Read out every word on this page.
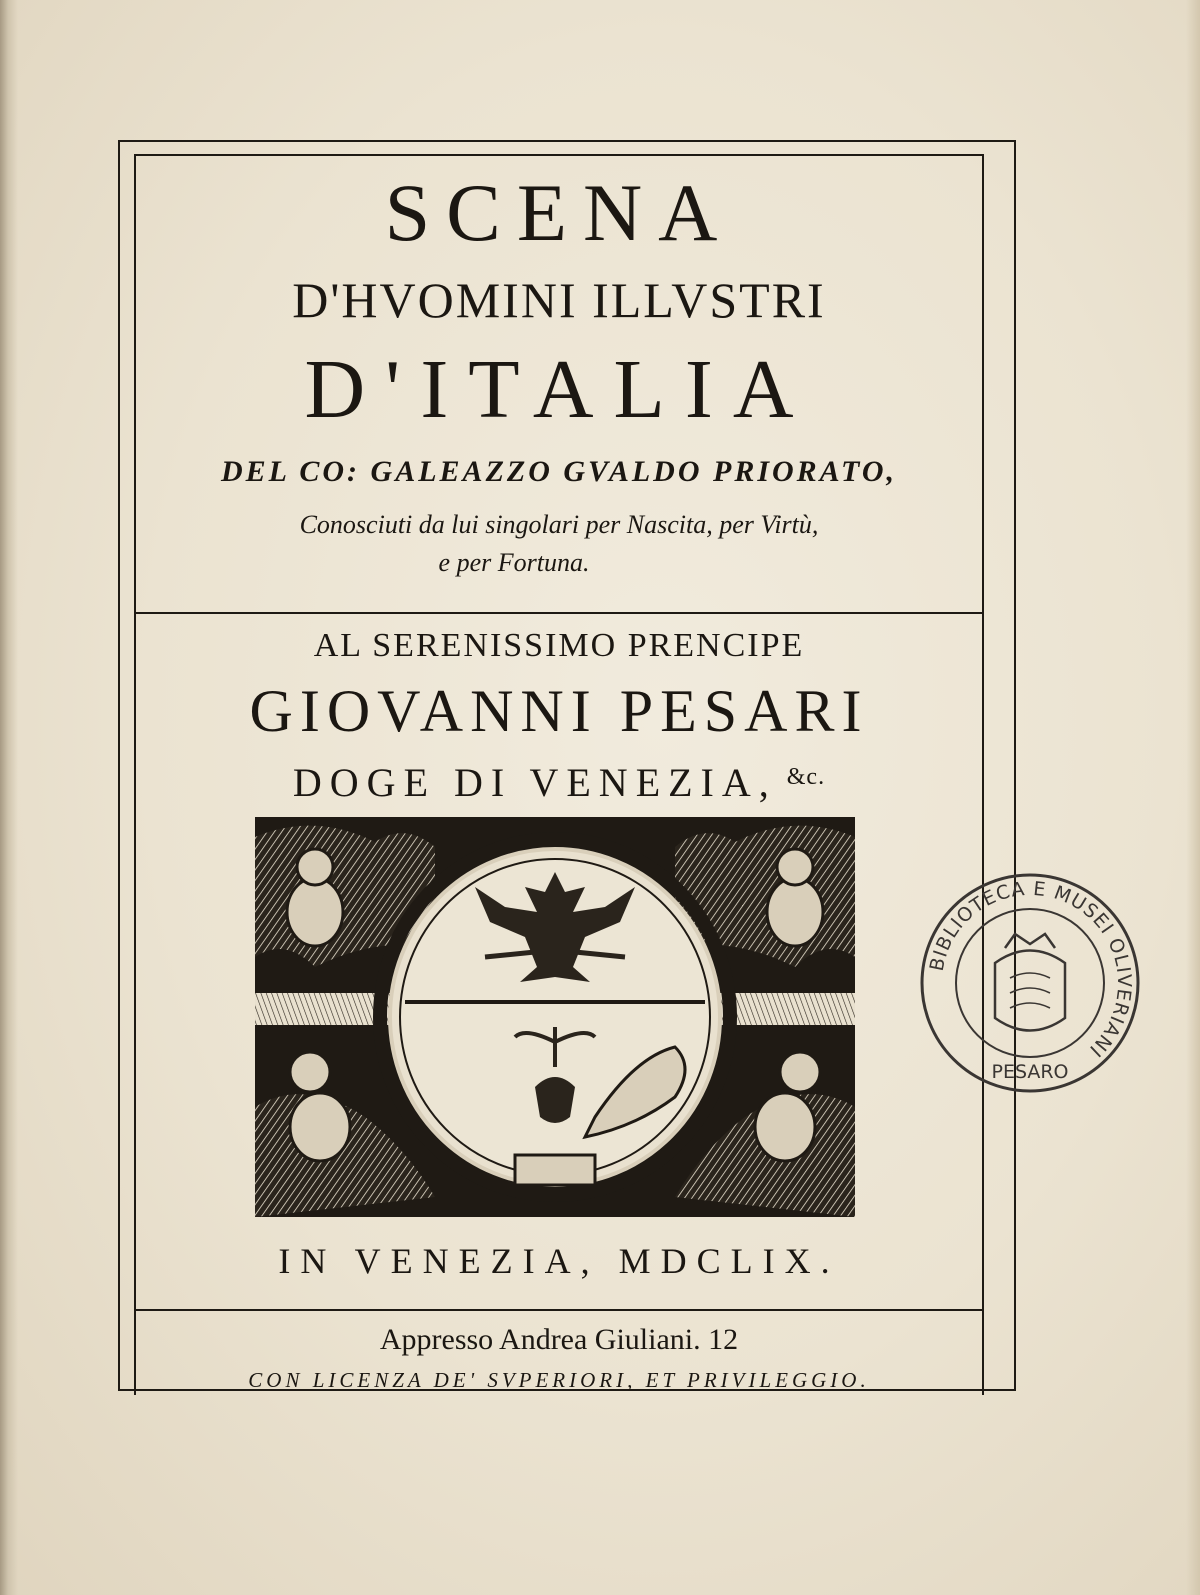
SCENA
D'HVOMINI ILLVSTRI
D'ITALIA
DEL CO: GALEAZZO GVALDO PRIORATO,
Conosciuti da lui singolari per Nascita, per Virtù,
e per Fortuna.
AL SERENISSIMO PRENCIPE
GIOVANNI PESARI
DOGE DI VENEZIA, $^{\&c.}$
IN VENEZIA, MDCLIX.
Appresso Andrea Giuliani. 12
CON LICENZA DE' SVPERIORI, ET PRIVILEGGIO.
BIBLIOTECA E MUSEI OLIVERIANI
PESARO
